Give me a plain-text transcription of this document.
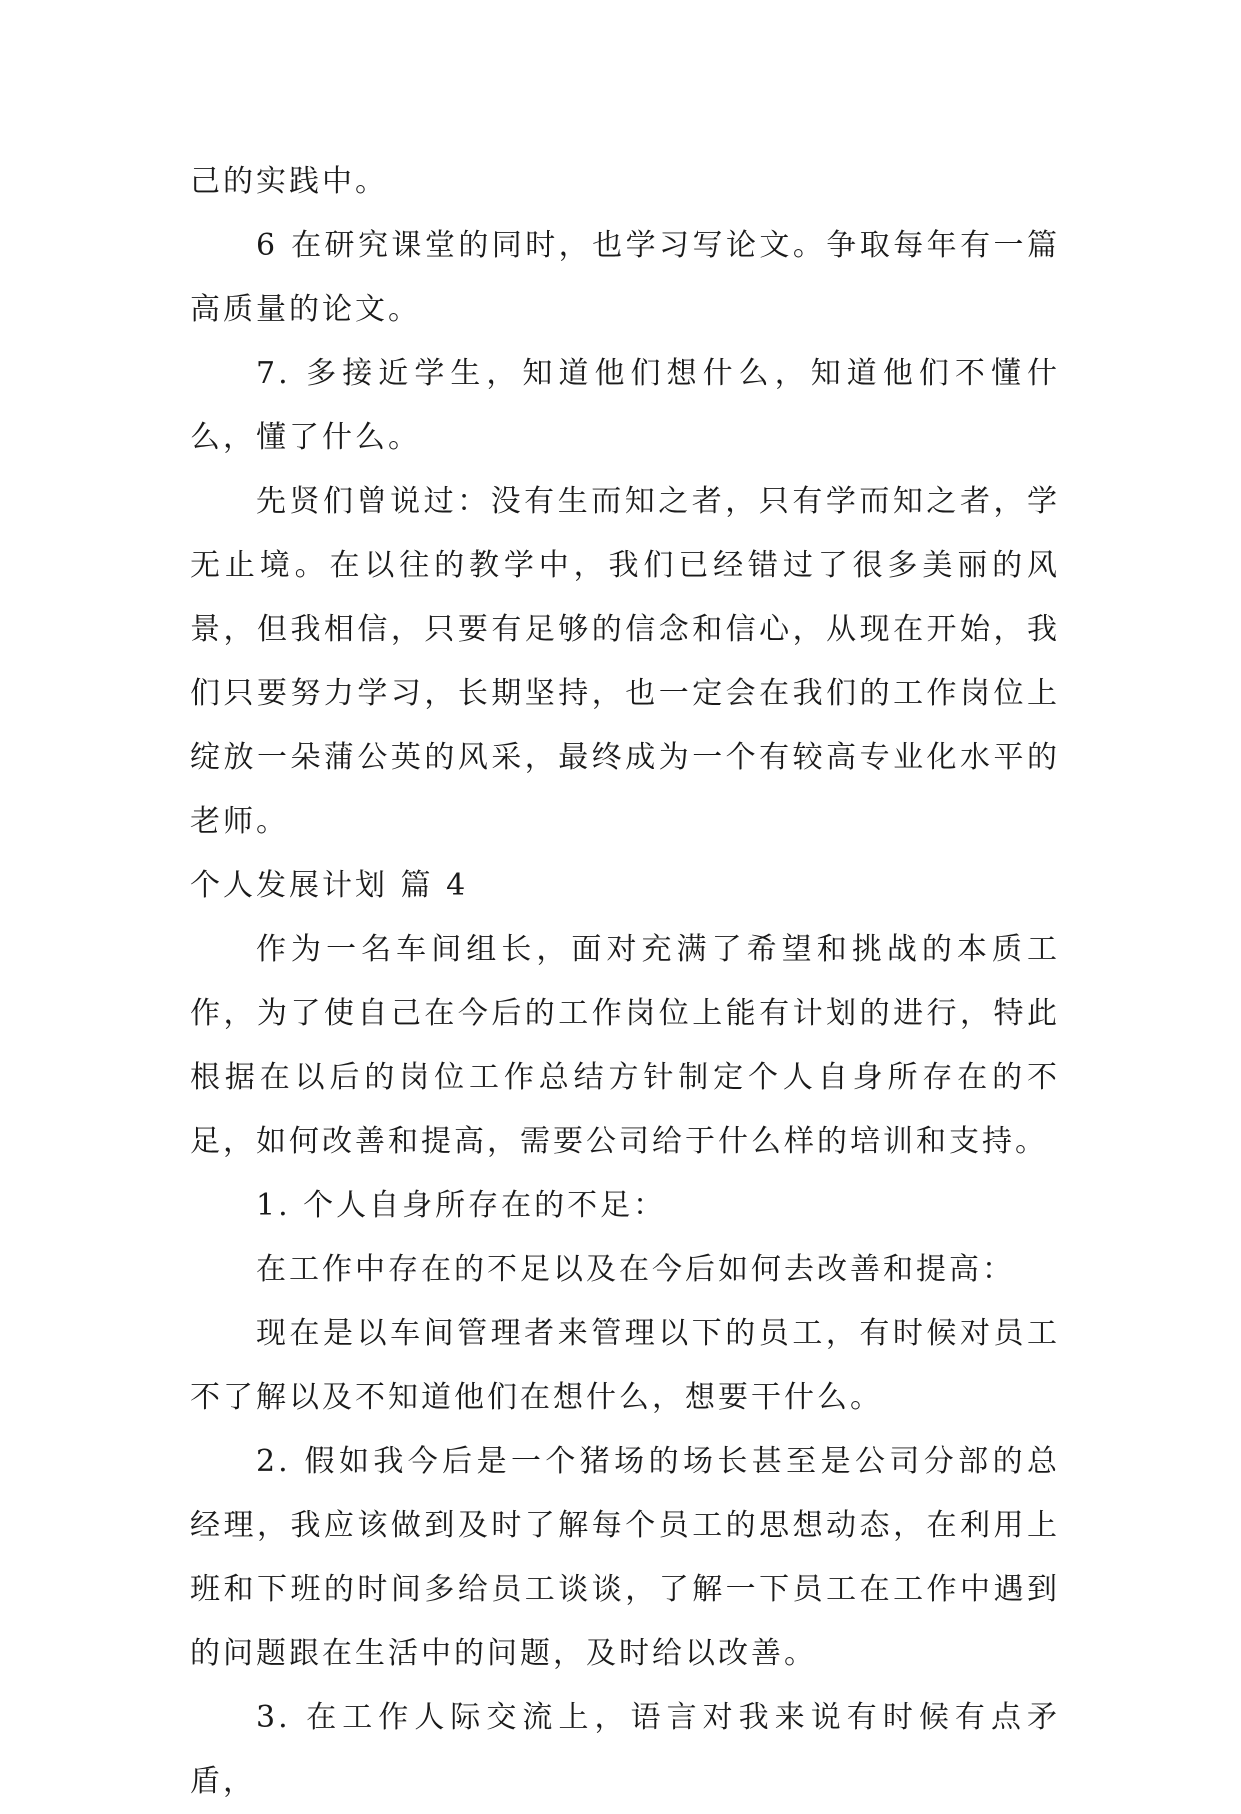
己的实践中。

6 在研究课堂的同时，也学习写论文。争取每年有一篇高质量的论文。

7. 多接近学生，知道他们想什么，知道他们不懂什么，懂了什么。

先贤们曾说过：没有生而知之者，只有学而知之者，学无止境。在以往的教学中，我们已经错过了很多美丽的风景，但我相信，只要有足够的信念和信心，从现在开始，我们只要努力学习，长期坚持，也一定会在我们的工作岗位上绽放一朵蒲公英的风采，最终成为一个有较高专业化水平的老师。

个人发展计划 篇 4

作为一名车间组长，面对充满了希望和挑战的本质工作，为了使自己在今后的工作岗位上能有计划的进行，特此根据在以后的岗位工作总结方针制定个人自身所存在的不足，如何改善和提高，需要公司给于什么样的培训和支持。

1. 个人自身所存在的不足：

在工作中存在的不足以及在今后如何去改善和提高：

现在是以车间管理者来管理以下的员工，有时候对员工不了解以及不知道他们在想什么，想要干什么。

2. 假如我今后是一个猪场的场长甚至是公司分部的总经理，我应该做到及时了解每个员工的思想动态，在利用上班和下班的时间多给员工谈谈，了解一下员工在工作中遇到的问题跟在生活中的问题，及时给以改善。

3. 在工作人际交流上，语言对我来说有时候有点矛盾，
